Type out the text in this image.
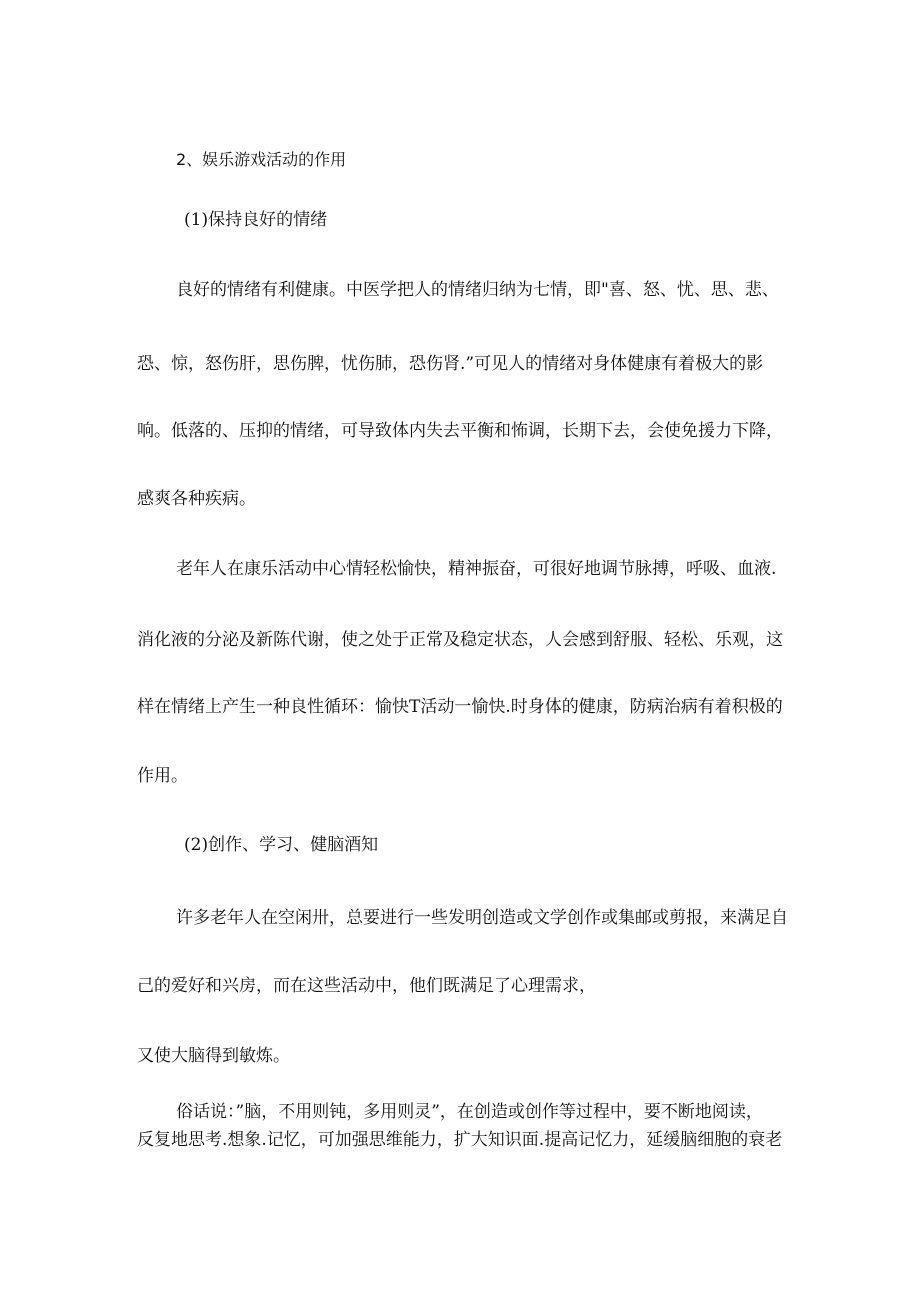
2、娱乐游戏活动的作用

(1)保持良好的情绪

良好的情绪有利健康。中医学把人的情绪归纳为七情，即"喜、怒、忧、思、悲、

恐、惊，怒伤肝，思伤脾，忧伤肺，恐伤肾.”可见人的情绪对身体健康有着极大的影

响。低落的、压抑的情绪，可导致体内失去平衡和怖调，长期下去，会使免援力下降，

感爽各种疾病。

老年人在康乐活动中心情轻松愉快，精神振奋，可很好地调节脉搏，呼吸、血液.

消化液的分泌及新陈代谢，使之处于正常及稳定状态，人会感到舒服、轻松、乐观，这

样在情绪上产生一种良性循环：愉快T活动一愉快.时身体的健康，防病治病有着积极的

作用。

(2)创作、学习、健脑酒知

许多老年人在空闲卅，总要进行一些发明创造或文学创作或集邮或剪报，来满足自

己的爱好和兴房，而在这些活动中，他们既满足了心理需求，

又使大脑得到敏炼。

俗话说：”脑，不用则钝，多用则灵”，在创造或创作等过程中，要不断地阅读，

反复地思考.想象.记忆，可加强思维能力，扩大知识面.提高记忆力，延缓脑细胞的衰老
